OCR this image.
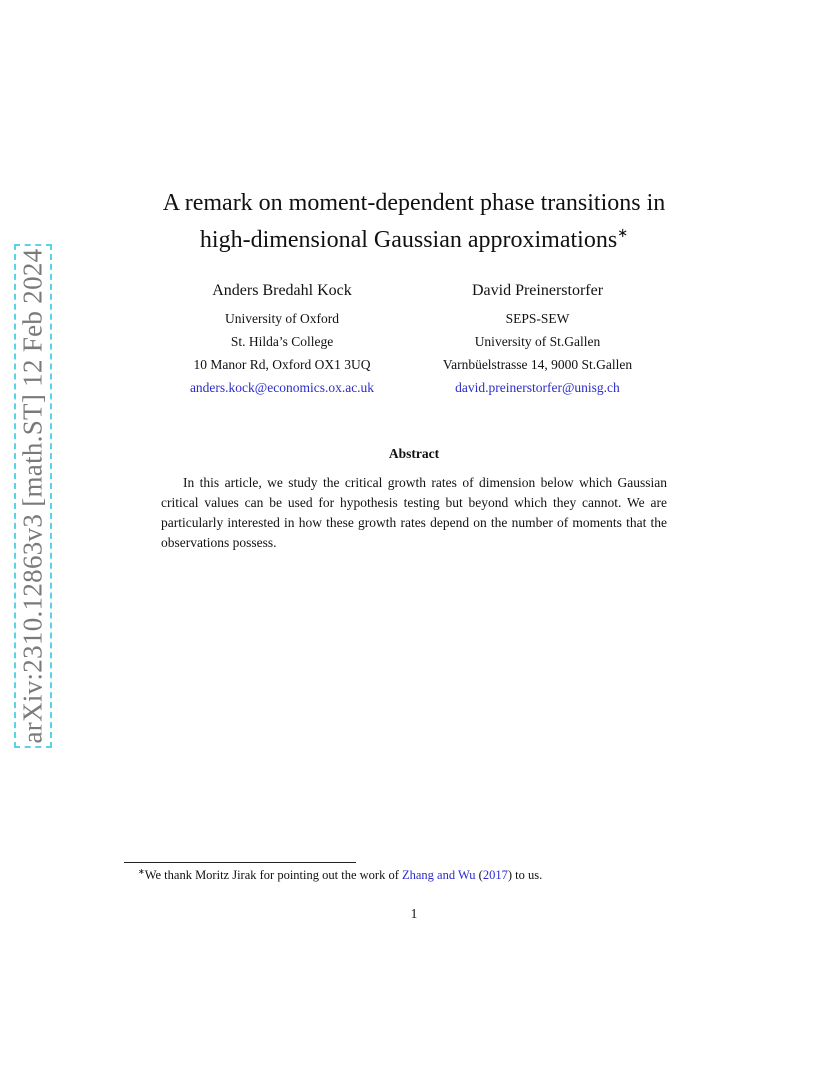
arXiv:2310.12863v3 [math.ST] 12 Feb 2024
A remark on moment-dependent phase transitions in
high-dimensional Gaussian approximations∗
Anders Bredahl Kock
University of Oxford
St. Hilda’s College
10 Manor Rd, Oxford OX1 3UQ
anders.kock@economics.ox.ac.uk
David Preinerstorfer
SEPS-SEW
University of St.Gallen
Varnbüelstrasse 14, 9000 St.Gallen
david.preinerstorfer@unisg.ch
Abstract
In this article, we study the critical growth rates of dimension below which Gaussian critical values can be used for hypothesis testing but beyond which they cannot. We are particularly interested in how these growth rates depend on the number of moments that the observations possess.
∗We thank Moritz Jirak for pointing out the work of Zhang and Wu (2017) to us.
1
